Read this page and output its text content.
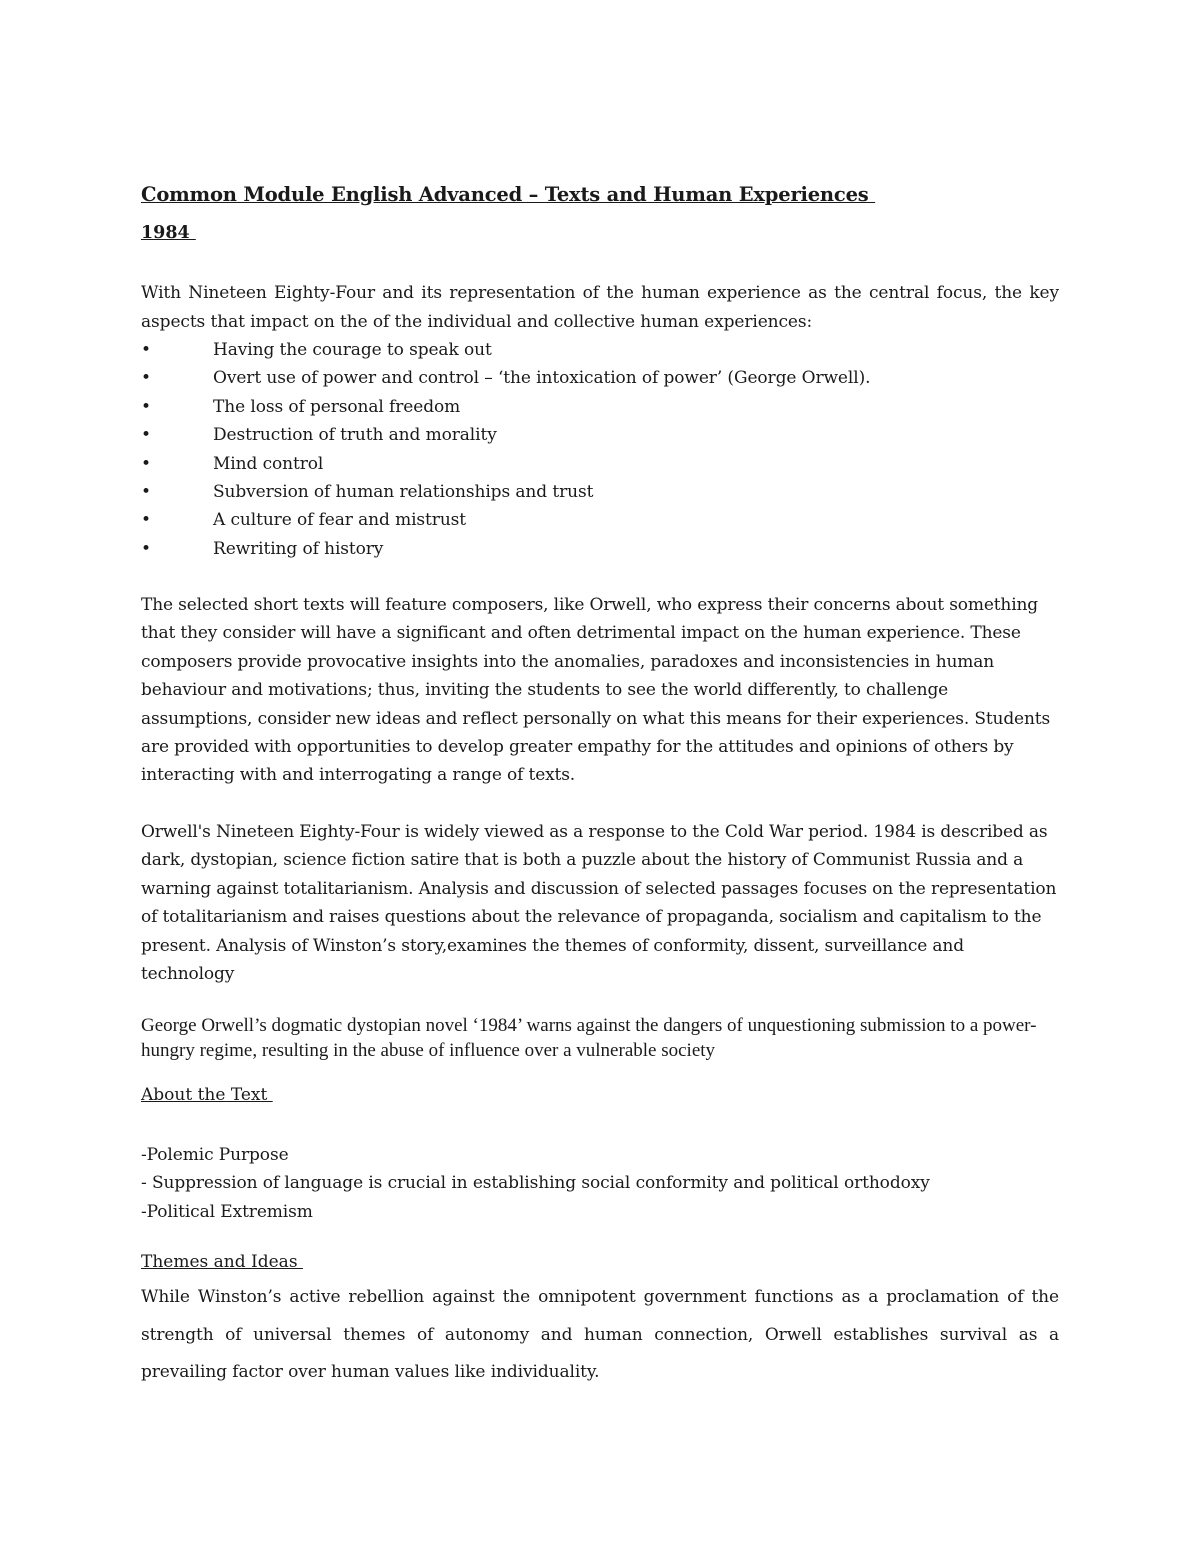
Common Module English Advanced – Texts and Human Experiences
1984
With Nineteen Eighty-Four and its representation of the human experience as the central focus, the key aspects that impact on the of the individual and collective human experiences:
•	Having the courage to speak out
•	Overt use of power and control – ‘the intoxication of power’ (George Orwell).
•	The loss of personal freedom
•	Destruction of truth and morality
•	Mind control
•	Subversion of human relationships and trust
•	A culture of fear and mistrust
•	Rewriting of history
The selected short texts will feature composers, like Orwell, who express their concerns about something that they consider will have a significant and often detrimental impact on the human experience. These composers provide provocative insights into the anomalies, paradoxes and inconsistencies in human behaviour and motivations; thus, inviting the students to see the world differently, to challenge assumptions, consider new ideas and reflect personally on what this means for their experiences. Students are provided with opportunities to develop greater empathy for the attitudes and opinions of others by interacting with and interrogating a range of texts.
Orwell's Nineteen Eighty-Four is widely viewed as a response to the Cold War period. 1984 is described as dark, dystopian, science fiction satire that is both a puzzle about the history of Communist Russia and a warning against totalitarianism. Analysis and discussion of selected passages focuses on the representation of totalitarianism and raises questions about the relevance of propaganda, socialism and capitalism to the present. Analysis of Winston’s story,examines the themes of conformity, dissent, surveillance and technology
George Orwell’s dogmatic dystopian novel ‘1984’ warns against the dangers of unquestioning submission to a power-hungry regime, resulting in the abuse of influence over a vulnerable society
About the Text
-Polemic Purpose
- Suppression of language is crucial in establishing social conformity and political orthodoxy
-Political Extremism
Themes and Ideas
While Winston’s active rebellion against the omnipotent government functions as a proclamation of the strength of universal themes of autonomy and human connection, Orwell establishes survival as a prevailing factor over human values like individuality.
